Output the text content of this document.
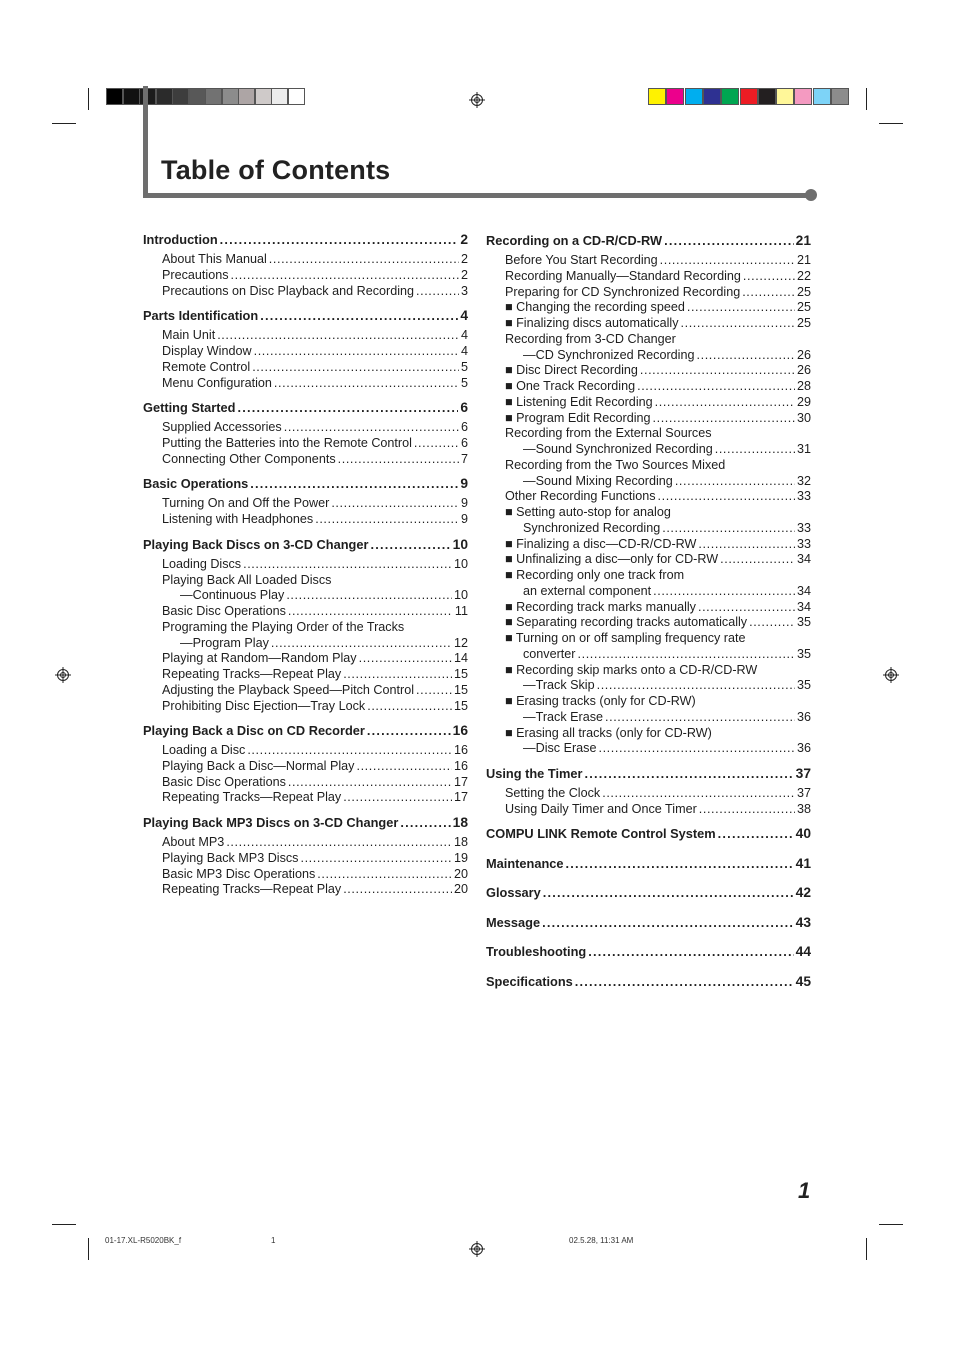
Table of Contents
Introduction .....	2
About This Manual .....	2
Precautions .....	2
Precautions on Disc Playback and Recording .....	3
Parts Identification .....	4
Main Unit .....	4
Display Window .....	4
Remote Control .....	5
Menu Configuration .....	5
Getting Started .....	6
Supplied Accessories .....	6
Putting the Batteries into the Remote Control .....	6
Connecting Other Components .....	7
Basic Operations .....	9
Turning On and Off the Power .....	9
Listening with Headphones .....	9
Playing Back Discs on 3-CD Changer .....	10
Loading Discs .....	10
Playing Back All Loaded Discs
—Continuous Play .....	10
Basic Disc Operations .....	11
Programing the Playing Order of the Tracks
—Program Play .....	12
Playing at Random—Random Play .....	14
Repeating Tracks—Repeat Play .....	15
Adjusting the Playback Speed—Pitch Control .....	15
Prohibiting Disc Ejection—Tray Lock .....	15
Playing Back a Disc on CD Recorder .....	16
Loading a Disc .....	16
Playing Back a Disc—Normal Play .....	16
Basic Disc Operations .....	17
Repeating Tracks—Repeat Play .....	17
Playing Back MP3 Discs on 3-CD Changer .....	18
About MP3 .....	18
Playing Back MP3 Discs .....	19
Basic MP3 Disc Operations .....	20
Repeating Tracks—Repeat Play .....	20
Recording on a CD-R/CD-RW .....	21
Before You Start Recording .....	21
Recording Manually—Standard Recording .....	22
Preparing for CD Synchronized Recording .....	25
■ Changing the recording speed .....	25
■ Finalizing discs automatically .....	25
Recording from 3-CD Changer
—CD Synchronized Recording .....	26
■ Disc Direct Recording .....	26
■ One Track Recording .....	28
■ Listening Edit Recording .....	29
■ Program Edit Recording .....	30
Recording from the External Sources
—Sound Synchronized Recording .....	31
Recording from the Two Sources Mixed
—Sound Mixing Recording .....	32
Other Recording Functions .....	33
■ Setting auto-stop for analog
Synchronized Recording .....	33
■ Finalizing a disc—CD-R/CD-RW .....	33
■ Unfinalizing a disc—only for CD-RW .....	34
■ Recording only one track from
an external component .....	34
■ Recording track marks manually .....	34
■ Separating recording tracks automatically .....	35
■ Turning on or off sampling frequency rate
converter .....	35
■ Recording skip marks onto a CD-R/CD-RW
—Track Skip .....	35
■ Erasing tracks (only for CD-RW)
—Track Erase .....	36
■ Erasing all tracks (only for CD-RW)
—Disc Erase .....	36
Using the Timer .....	37
Setting the Clock .....	37
Using Daily Timer and Once Timer .....	38
COMPU LINK Remote Control System .....	40
Maintenance .....	41
Glossary .....	42
Message .....	43
Troubleshooting .....	44
Specifications .....	45
1
01-17.XL-R5020BK_f	1	02.5.28, 11:31 AM
